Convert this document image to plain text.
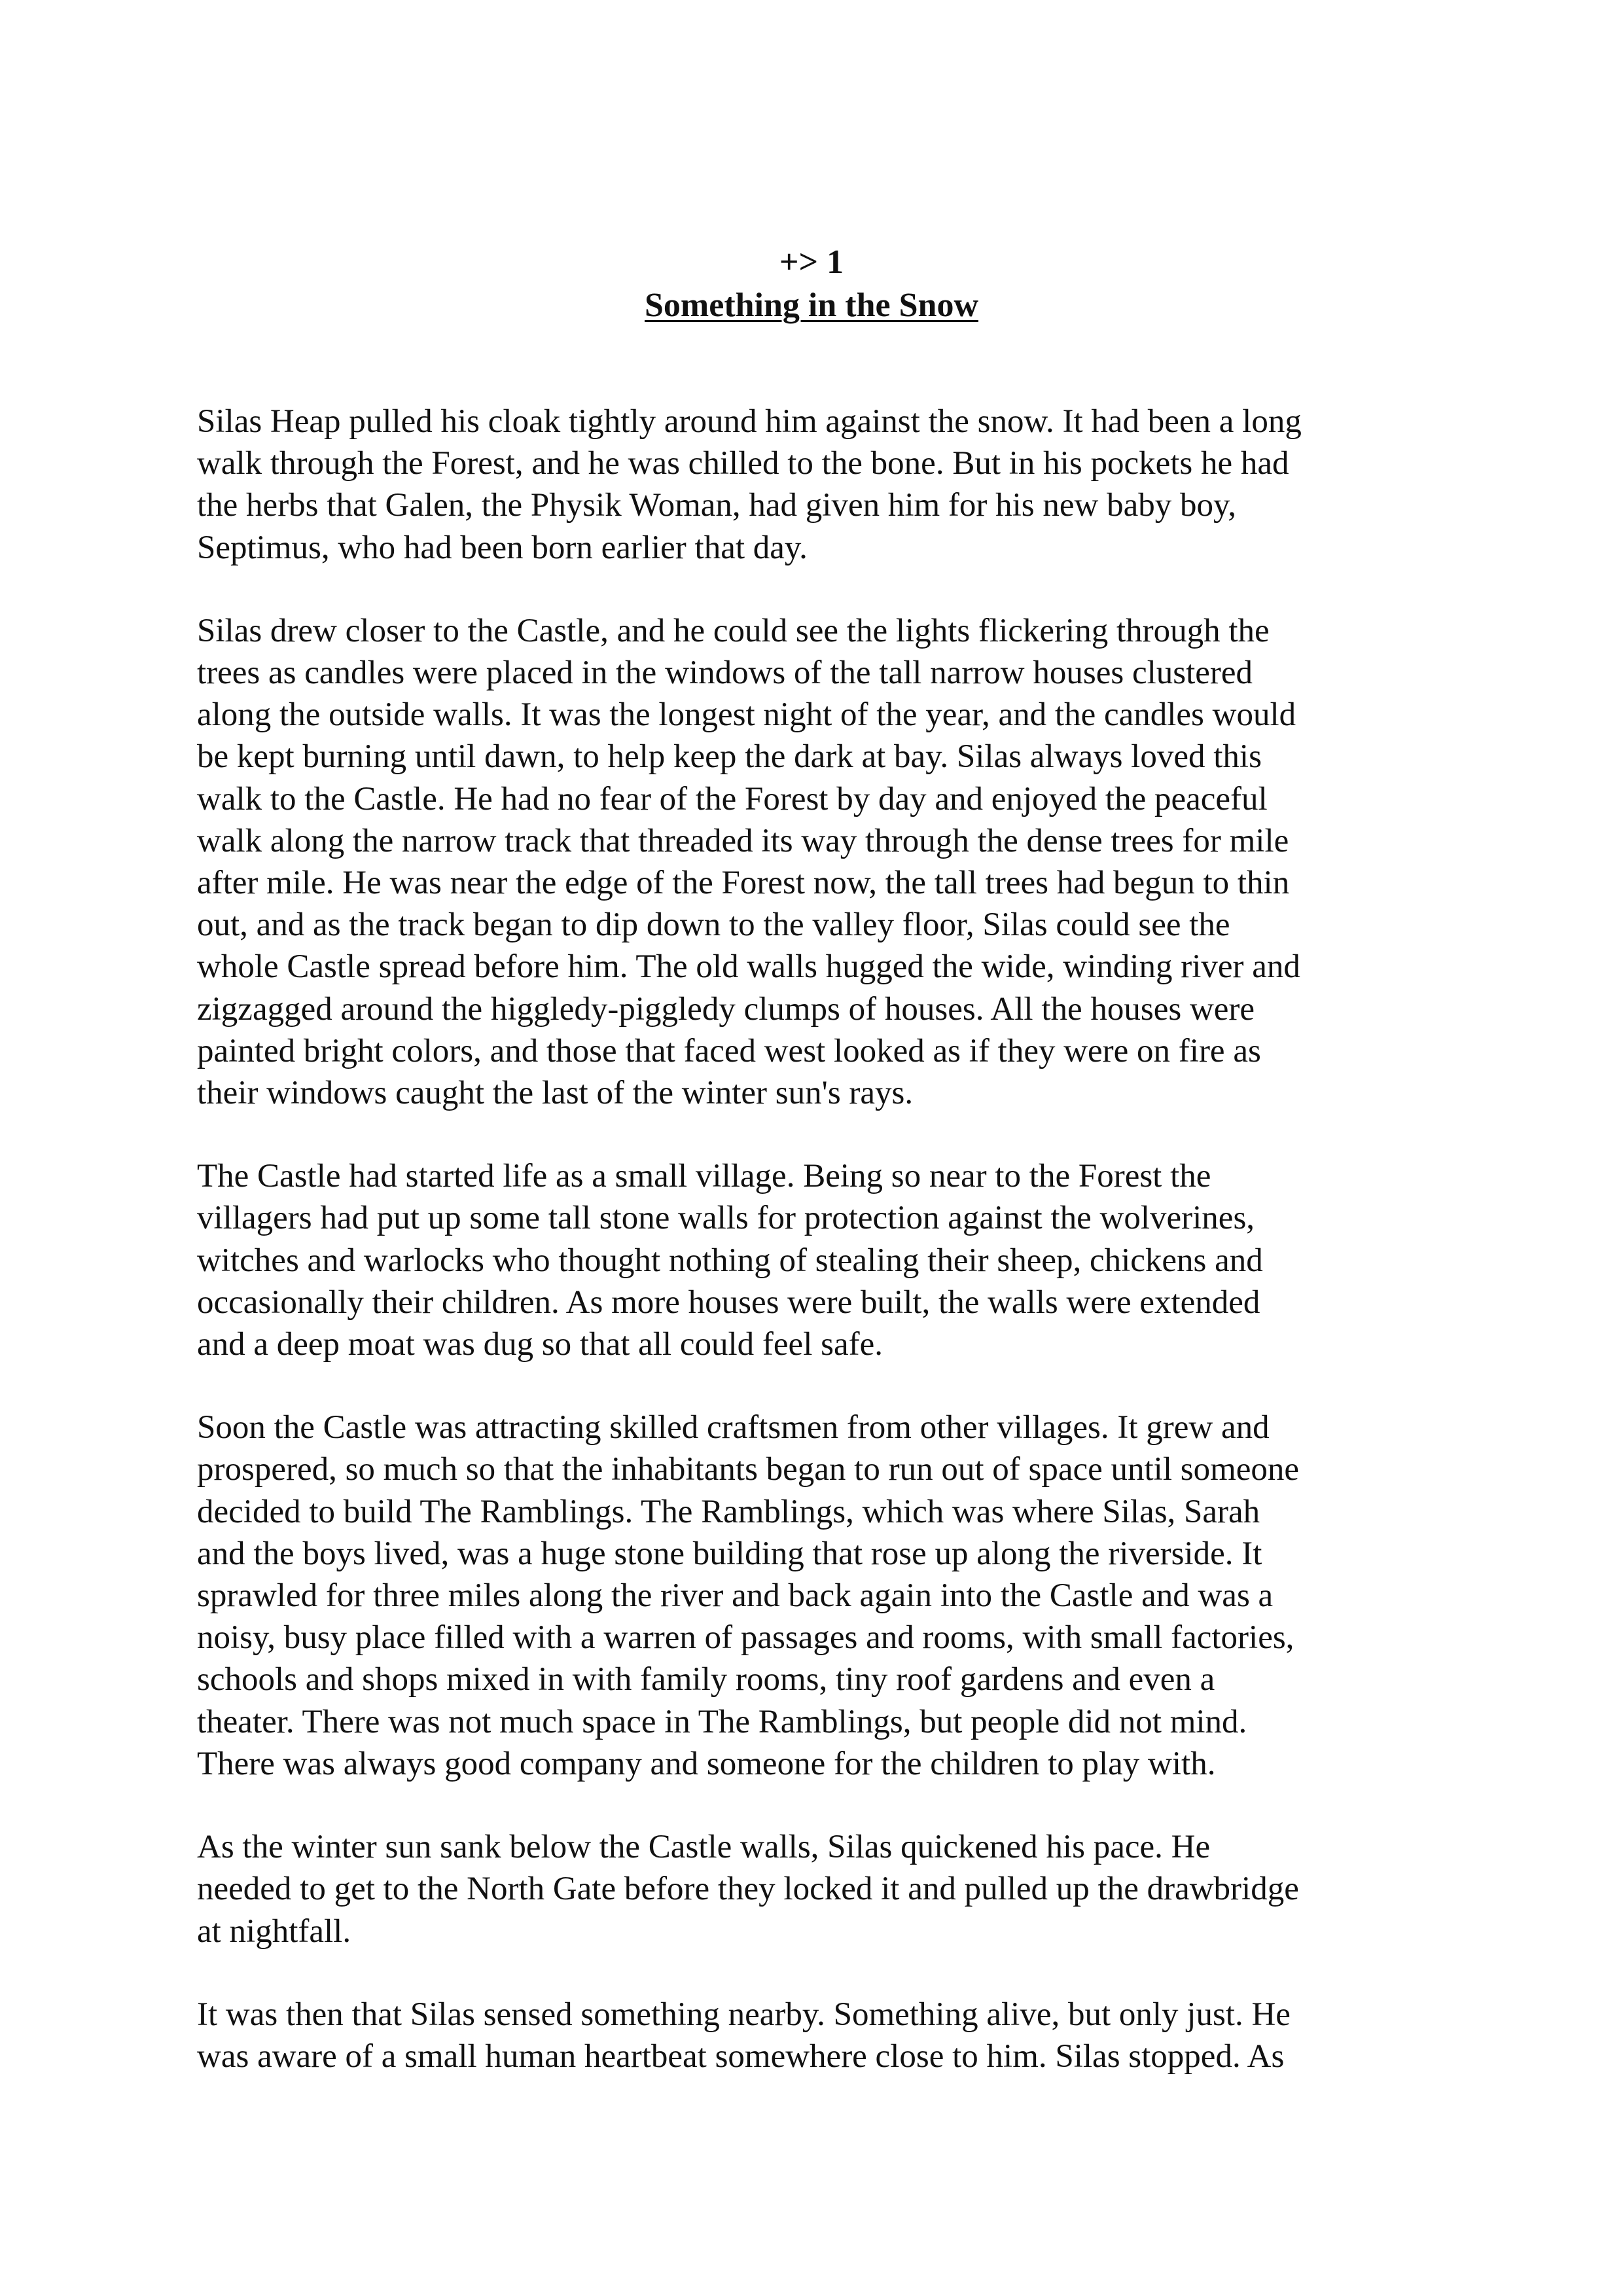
+> 1
Something in the Snow

Silas Heap pulled his cloak tightly around him against the snow. It had been a long
walk through the Forest, and he was chilled to the bone. But in his pockets he had
the herbs that Galen, the Physik Woman, had given him for his new baby boy,
Septimus, who had been born earlier that day.

Silas drew closer to the Castle, and he could see the lights flickering through the
trees as candles were placed in the windows of the tall narrow houses clustered
along the outside walls. It was the longest night of the year, and the candles would
be kept burning until dawn, to help keep the dark at bay. Silas always loved this
walk to the Castle. He had no fear of the Forest by day and enjoyed the peaceful
walk along the narrow track that threaded its way through the dense trees for mile
after mile. He was near the edge of the Forest now, the tall trees had begun to thin
out, and as the track began to dip down to the valley floor, Silas could see the
whole Castle spread before him. The old walls hugged the wide, winding river and
zigzagged around the higgledy-piggledy clumps of houses. All the houses were
painted bright colors, and those that faced west looked as if they were on fire as
their windows caught the last of the winter sun's rays.

The Castle had started life as a small village. Being so near to the Forest the
villagers had put up some tall stone walls for protection against the wolverines,
witches and warlocks who thought nothing of stealing their sheep, chickens and
occasionally their children. As more houses were built, the walls were extended
and a deep moat was dug so that all could feel safe.

Soon the Castle was attracting skilled craftsmen from other villages. It grew and
prospered, so much so that the inhabitants began to run out of space until someone
decided to build The Ramblings. The Ramblings, which was where Silas, Sarah
and the boys lived, was a huge stone building that rose up along the riverside. It
sprawled for three miles along the river and back again into the Castle and was a
noisy, busy place filled with a warren of passages and rooms, with small factories,
schools and shops mixed in with family rooms, tiny roof gardens and even a
theater. There was not much space in The Ramblings, but people did not mind.
There was always good company and someone for the children to play with.

As the winter sun sank below the Castle walls, Silas quickened his pace. He
needed to get to the North Gate before they locked it and pulled up the drawbridge
at nightfall.

It was then that Silas sensed something nearby. Something alive, but only just. He
was aware of a small human heartbeat somewhere close to him. Silas stopped. As
